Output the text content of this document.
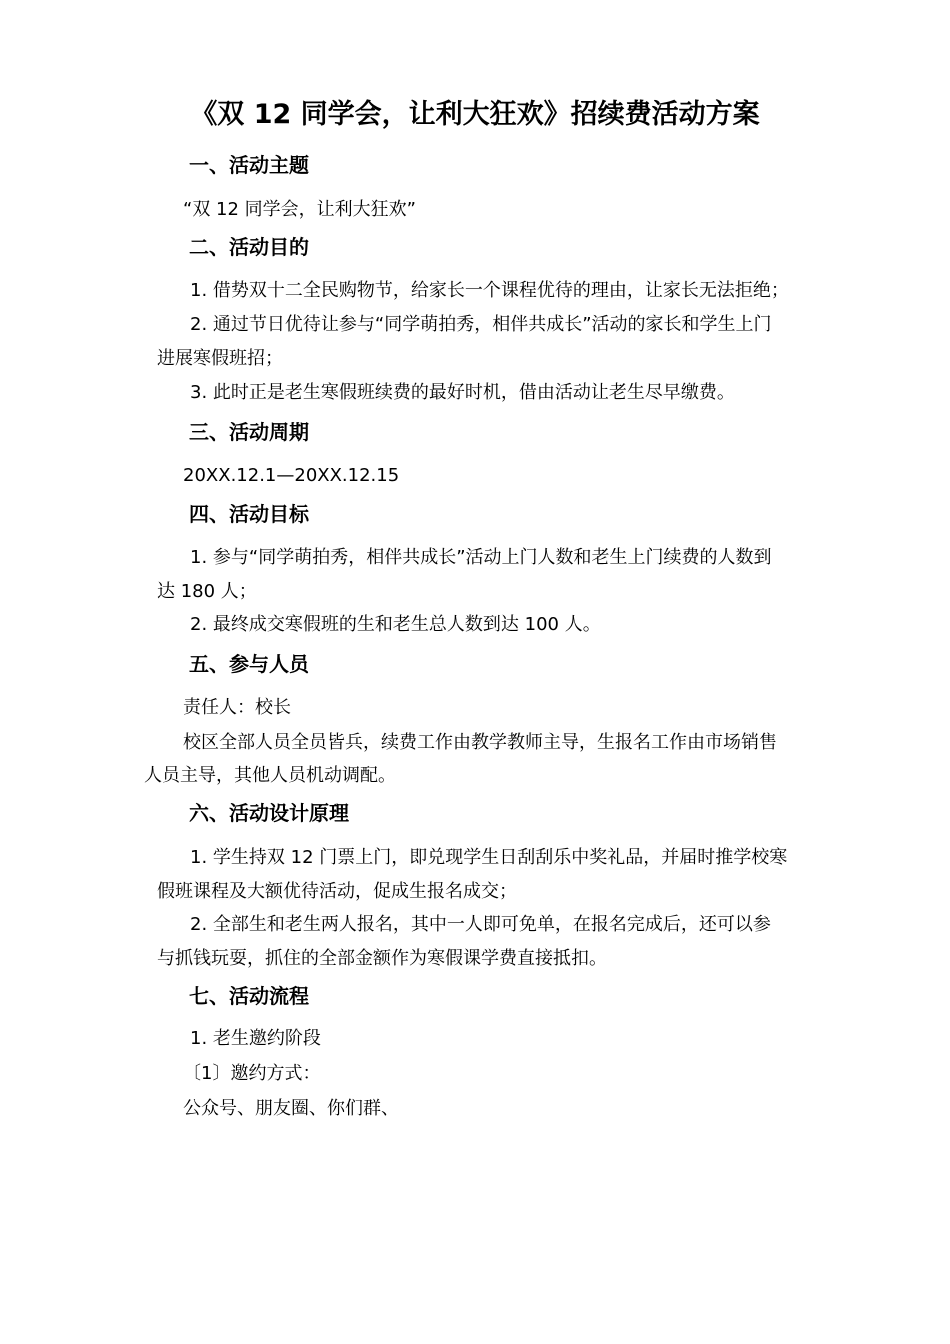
《双 12 同学会，让利大狂欢》招续费活动方案
一、活动主题
“双 12 同学会，让利大狂欢”
二、活动目的
1. 借势双十二全民购物节，给家长一个课程优待的理由，让家长无法拒绝；
2. 通过节日优待让参与“同学萌拍秀，相伴共成长”活动的家长和学生上门
进展寒假班招；
3. 此时正是老生寒假班续费的最好时机，借由活动让老生尽早缴费。
三、活动周期
20XX.12.1—20XX.12.15
四、活动目标
1. 参与“同学萌拍秀，相伴共成长”活动上门人数和老生上门续费的人数到
达 180 人；
2. 最终成交寒假班的生和老生总人数到达 100 人。
五、参与人员
责任人：校长
校区全部人员全员皆兵，续费工作由教学教师主导，生报名工作由市场销售
人员主导，其他人员机动调配。
六、活动设计原理
1. 学生持双 12 门票上门，即兑现学生日刮刮乐中奖礼品，并届时推学校寒
假班课程及大额优待活动，促成生报名成交；
2. 全部生和老生两人报名，其中一人即可免单，在报名完成后，还可以参
与抓钱玩耍，抓住的全部金额作为寒假课学费直接抵扣。
七、活动流程
1. 老生邀约阶段
〔1〕邀约方式：
公众号、朋友圈、你们群、
